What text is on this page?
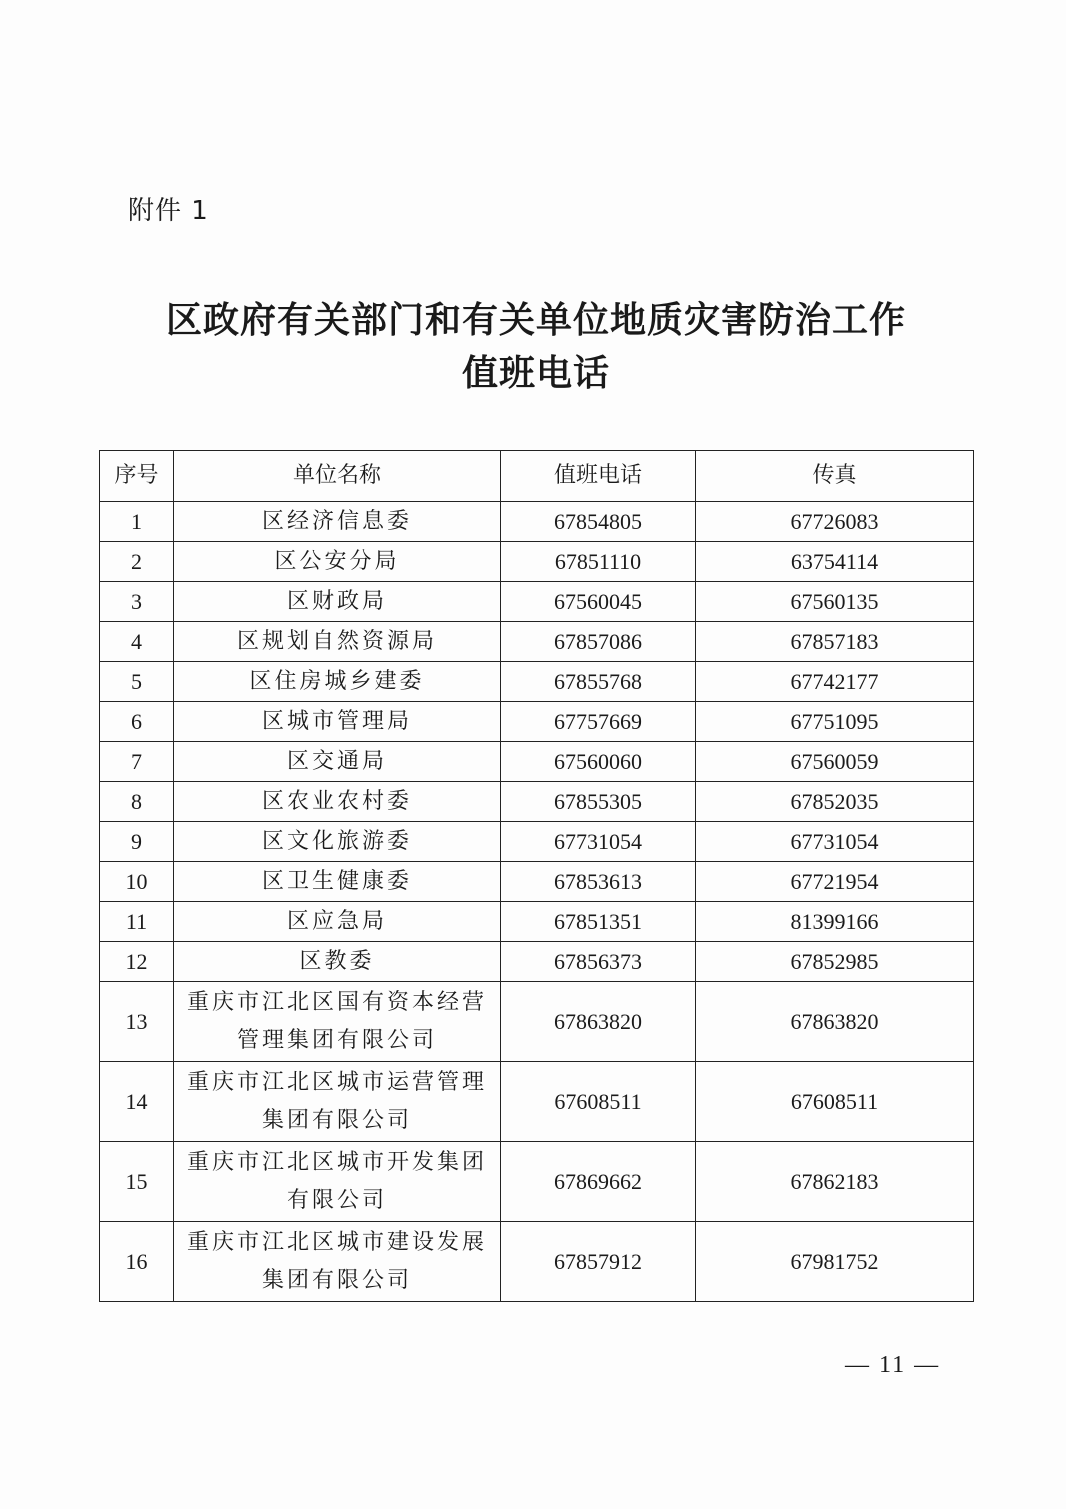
附件 1
区政府有关部门和有关单位地质灾害防治工作
值班电话
序号	单位名称	值班电话	传真
1	区经济信息委	67854805	67726083
2	区公安分局	67851110	63754114
3	区财政局	67560045	67560135
4	区规划自然资源局	67857086	67857183
5	区住房城乡建委	67855768	67742177
6	区城市管理局	67757669	67751095
7	区交通局	67560060	67560059
8	区农业农村委	67855305	67852035
9	区文化旅游委	67731054	67731054
10	区卫生健康委	67853613	67721954
11	区应急局	67851351	81399166
12	区教委	67856373	67852985
13	重庆市江北区国有资本经营
管理集团有限公司	67863820	67863820
14	重庆市江北区城市运营管理
集团有限公司	67608511	67608511
15	重庆市江北区城市开发集团
有限公司	67869662	67862183
16	重庆市江北区城市建设发展
集团有限公司	67857912	67981752
— 11 —
